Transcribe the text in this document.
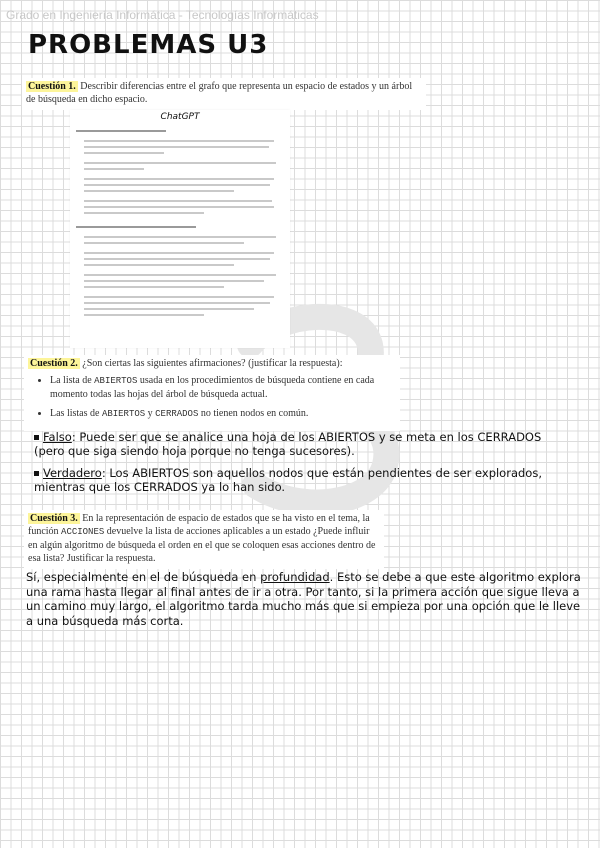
Grado en Ingeniería Informática - Tecnologías Informáticas
PROBLEMAS U3
Cuestión 1. Describir diferencias entre el grafo que representa un espacio de estados y un árbol de búsqueda en dicho espacio.
ChatGPT
Cuestión 2. ¿Son ciertas las siguientes afirmaciones? (justificar la respuesta):
• La lista de ABIERTOS usada en los procedimientos de búsqueda contiene en cada momento todas las hojas del árbol de búsqueda actual.
• Las listas de ABIERTOS y CERRADOS no tienen nodos en común.
Falso: Puede ser que se analice una hoja de los ABIERTOS y se meta en los CERRADOS (pero que siga siendo hoja porque no tenga sucesores).
Verdadero: Los ABIERTOS son aquellos nodos que están pendientes de ser explorados, mientras que los CERRADOS ya lo han sido.
Cuestión 3. En la representación de espacio de estados que se ha visto en el tema, la función ACCIONES devuelve la lista de acciones aplicables a un estado ¿Puede influir en algún algoritmo de búsqueda el orden en el que se coloquen esas acciones dentro de esa lista? Justificar la respuesta.
Sí, especialmente en el de búsqueda en profundidad. Esto se debe a que este algoritmo explora una rama hasta llegar al final antes de ir a otra. Por tanto, si la primera acción que sigue lleva a un camino muy largo, el algoritmo tarda mucho más que si empieza por una opción que le lleve a una búsqueda más corta.
